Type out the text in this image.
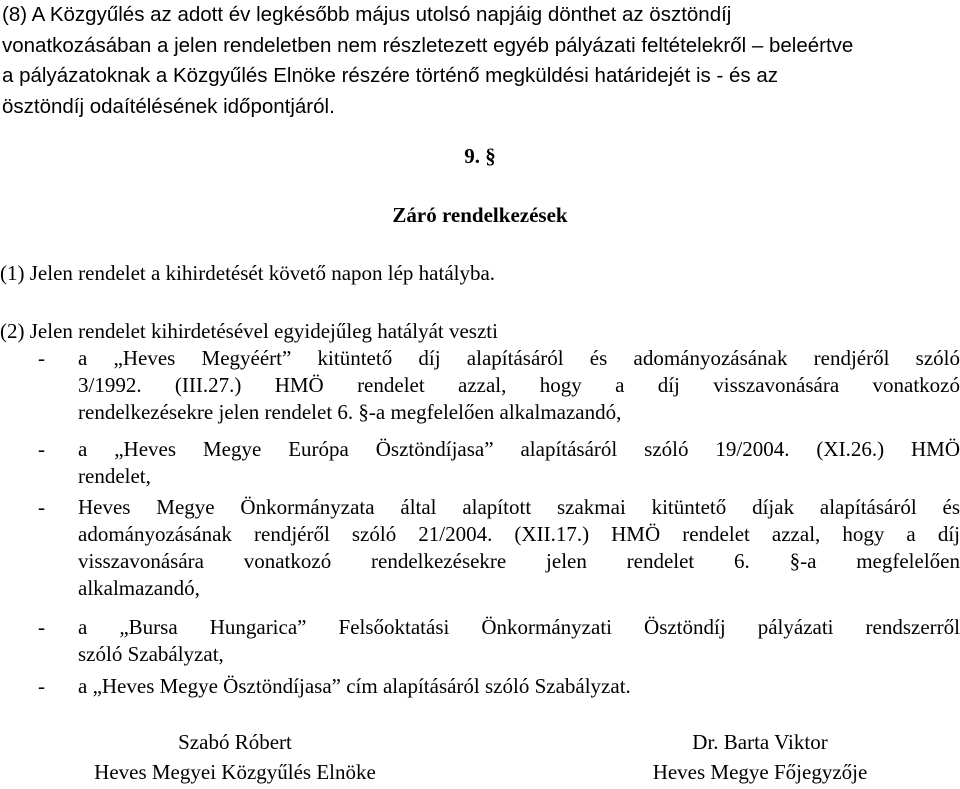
(8) A Közgyűlés az adott év legkésőbb május utolsó napjáig dönthet az ösztöndíj
vonatkozásában a jelen rendeletben nem részletezett egyéb pályázati feltételekről – beleértve
a pályázatoknak a Közgyűlés Elnöke részére történő megküldési határidejét is - és az
ösztöndíj odaítélésének időpontjáról.
9. §
Záró rendelkezések
(1) Jelen rendelet a kihirdetését követő napon lép hatályba.
(2) Jelen rendelet kihirdetésével egyidejűleg hatályát veszti
- a „Heves Megyéért” kitüntető díj alapításáról és adományozásának rendjéről szóló
3/1992. (III.27.) HMÖ rendelet azzal, hogy a díj visszavonására vonatkozó
rendelkezésekre jelen rendelet 6. §-a megfelelően alkalmazandó,
- a „Heves Megye Európa Ösztöndíjasa” alapításáról szóló 19/2004. (XI.26.) HMÖ
rendelet,
- Heves Megye Önkormányzata által alapított szakmai kitüntető díjak alapításáról és
adományozásának rendjéről szóló 21/2004. (XII.17.) HMÖ rendelet azzal, hogy a díj
visszavonására vonatkozó rendelkezésekre jelen rendelet 6. §-a megfelelően
alkalmazandó,
- a „Bursa Hungarica” Felsőoktatási Önkormányzati Ösztöndíj pályázati rendszerről
szóló Szabályzat,
- a „Heves Megye Ösztöndíjasa” cím alapításáról szóló Szabályzat.
Szabó Róbert
Heves Megyei Közgyűlés Elnöke
Dr. Barta Viktor
Heves Megye Főjegyzője
